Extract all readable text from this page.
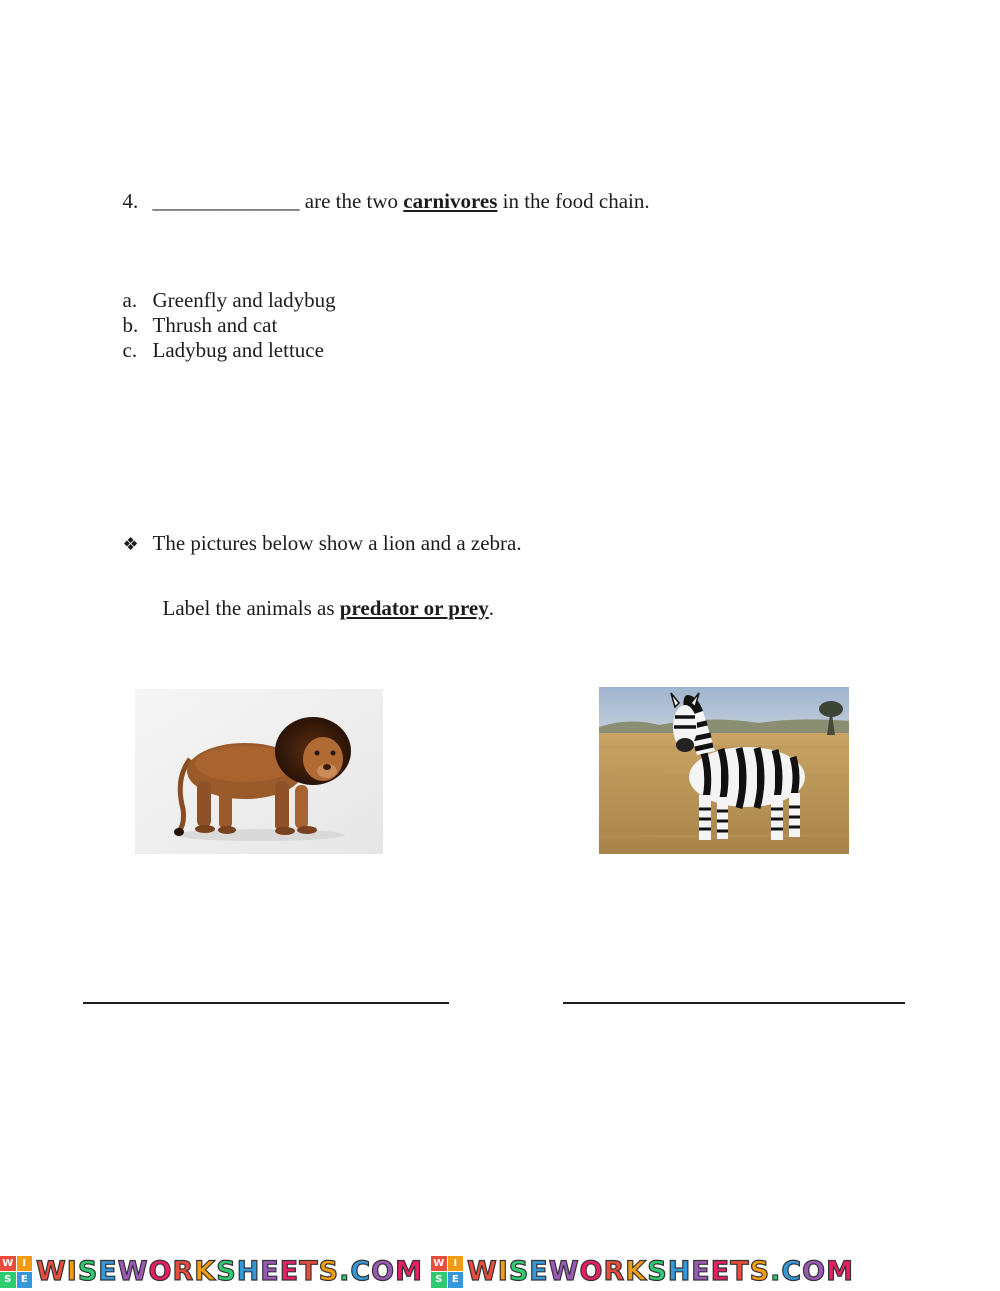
4. ______________ are the two carnivores in the food chain.

a. Greenfly and ladybug

b. Thrush and cat

c. Ladybug and lettuce

❖ The pictures below show a lion and a zebra.

Label the animals as predator or prey.

W I
S E WISEWORKSHEETS.COM W I
S E WISEWORKSHEETS.COM
